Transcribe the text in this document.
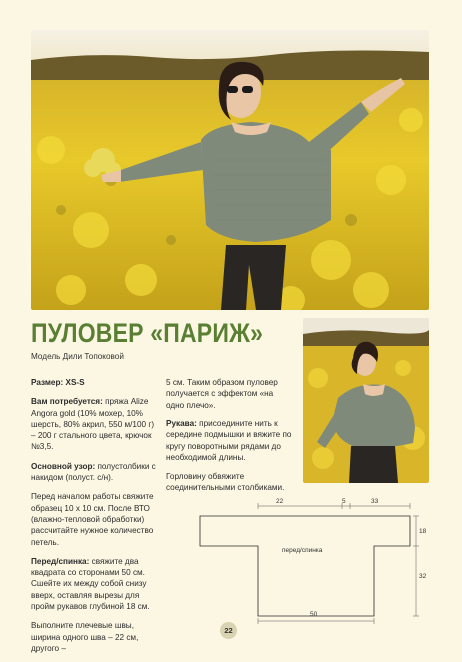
ПУЛОВЕР «ПАРИЖ»

Модель Дили Топоковой

Размер: XS-S

Вам потребуется: пряжа Alize Angora gold (10% мохер, 10% шерсть, 80% акрил, 550 м/100 г) – 200 г стального цвета, крючок №3,5.

Основной узор: полустолбики с накидом (полуст. с/н).

Перед началом работы свяжите образец 10 х 10 см. После ВТО (влажно-тепловой обработки) рассчитайте нужное количество петель.

Перед/спинка: свяжите два квадрата со сторонами 50 см. Сшейте их между собой снизу вверх, оставляя вырезы для пройм рукавов глубиной 18 см.

Выполните плечевые швы, ширина одного шва – 22 см, другого –

5 см. Таким образом пуловер получается с эффектом «на одно плечо».

Рукава: присоедините нить к середине подмышки и вяжите по кругу поворотными рядами до необходимой длины.

Горловину обвяжите соединительными столбиками.

22	5	33
18
32
50
перед/спинка
22
